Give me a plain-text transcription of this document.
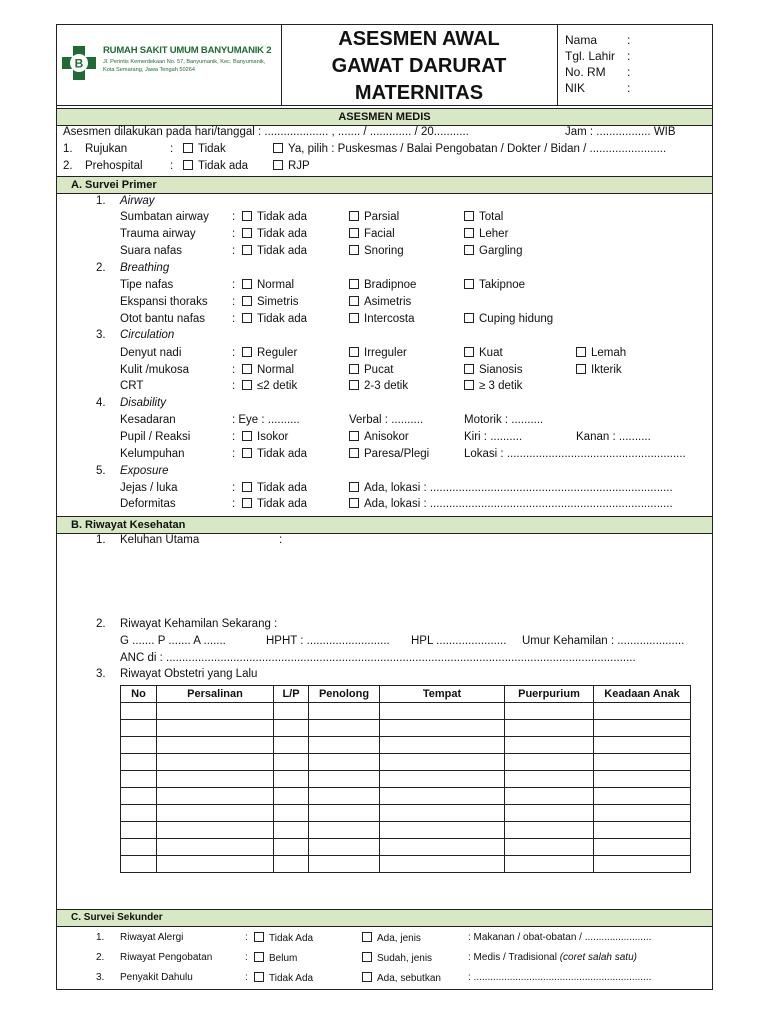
B
RUMAH SAKIT UMUM BANYUMANIK 2
Jl. Perintis Kemerdekaan No. 57, Banyumanik, Kec. Banyumanik,
Kota Semarang, Jawa Tengah 50264
ASESMEN AWAL
GAWAT DARURAT
MATERNITAS
Nama :
Tgl. Lahir :
No. RM :
NIK	:
ASESMEN MEDIS
Asesmen dilakukan pada hari/tanggal : .................... , ....... / ............. / 20...........	Jam : ................. WIB
1. Rujukan	:	Tidak	Ya, pilih : Puskesmas / Balai Pengobatan / Dokter / Bidan / ........................
2. Prehospital :	Tidak ada	RJP
A. Survei Primer
1. Airway
Sumbatan airway :	Tidak ada	Parsial	Total
Trauma airway	:	Tidak ada	Facial	Leher
Suara nafas	:	Tidak ada	Snoring	Gargling
2. Breathing
Tipe nafas	:	Normal	Bradipnoe	Takipnoe
Ekspansi thoraks :	Simetris	Asimetris
Otot bantu nafas :	Tidak ada	Intercosta	Cuping hidung
3. Circulation
Denyut nadi	:	Reguler	Irreguler	Kuat	Lemah
Kulit /mukosa	:	Normal	Pucat	Sianosis	Ikterik
CRT	:	≤2 detik	2-3 detik	≥ 3 detik
4. Disability
Kesadaran	: Eye : ..........	Verbal : ..........	Motorik : ..........
Pupil / Reaksi	:	Isokor	Anisokor	Kiri : ..........	Kanan : ..........
Kelumpuhan	:	Tidak ada	Paresa/Plegi	Lokasi : ........................................................
5. Exposure
Jejas / luka	:	Tidak ada	Ada, lokasi : ............................................................................
Deformitas	:	Tidak ada	Ada, lokasi : ............................................................................
B. Riwayat Kesehatan
1. Keluhan Utama	:
2. Riwayat Kehamilan Sekarang :
G ....... P ....... A .......	HPHT : .......................... HPL ...................... Umur Kehamilan : .....................
ANC di : ...................................................................................................................................................
3. Riwayat Obstetri yang Lalu
No	Persalinan	L/P	Penolong	Tempat	Puerpurium	Keadaan Anak

C. Survei Sekunder
1. Riwayat Alergi	:	Tidak Ada	Ada, jenis	: Makanan / obat-obatan / ........................
2. Riwayat Pengobatan	:	Belum	Sudah, jenis	: Medis / Tradisional (coret salah satu)
3. Penyakit Dahulu	:	Tidak Ada	Ada, sebutkan	: ................................................................
